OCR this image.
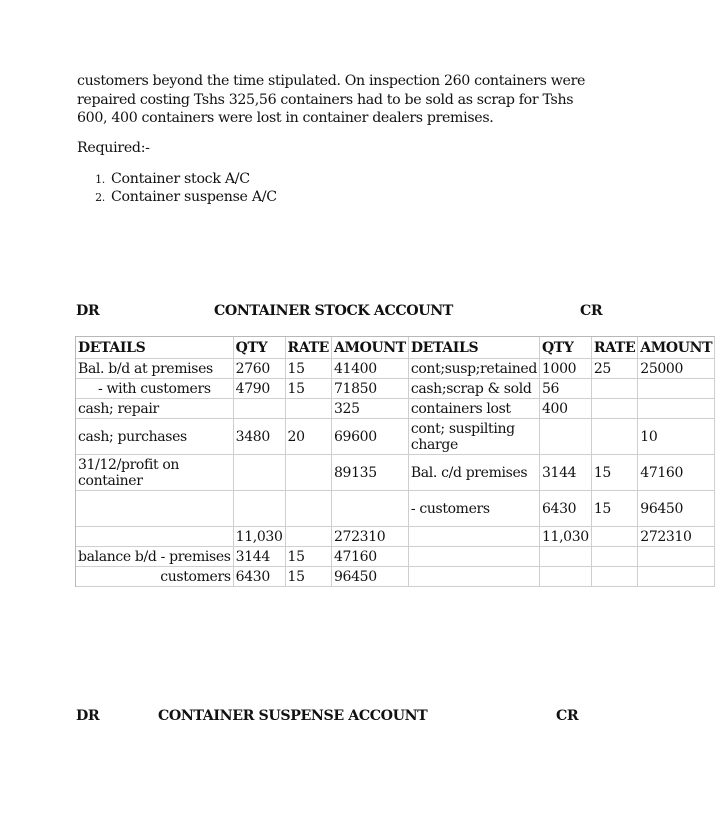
customers beyond the time stipulated. On inspection 260 containers were repaired costing Tshs 325,56 containers had to be sold as scrap for Tshs 600, 400 containers were lost in container dealers premises.

Required:-

1. Container stock A/C
2. Container suspense A/C
DR	CONTAINER STOCK ACCOUNT	CR
DETAILS	QTY	RATE	AMOUNT	DETAILS	QTY	RATE	AMOUNT
Bal. b/d at premises	2760	15	41400	cont;susp;retained	1000	25	25000
- with customers	4790	15	71850	cash;scrap & sold	56		
cash; repair			325	containers lost	400		
cash; purchases	3480	20	69600	cont; suspilting charge			10
31/12/profit on container			89135	Bal. c/d premises	3144	15	47160
				- customers	6430	15	96450
	11,030		272310		11,030		272310
balance b/d - premises	3144	15	47160				
customers	6430	15	96450				
DR	CONTAINER SUSPENSE ACCOUNT	CR
